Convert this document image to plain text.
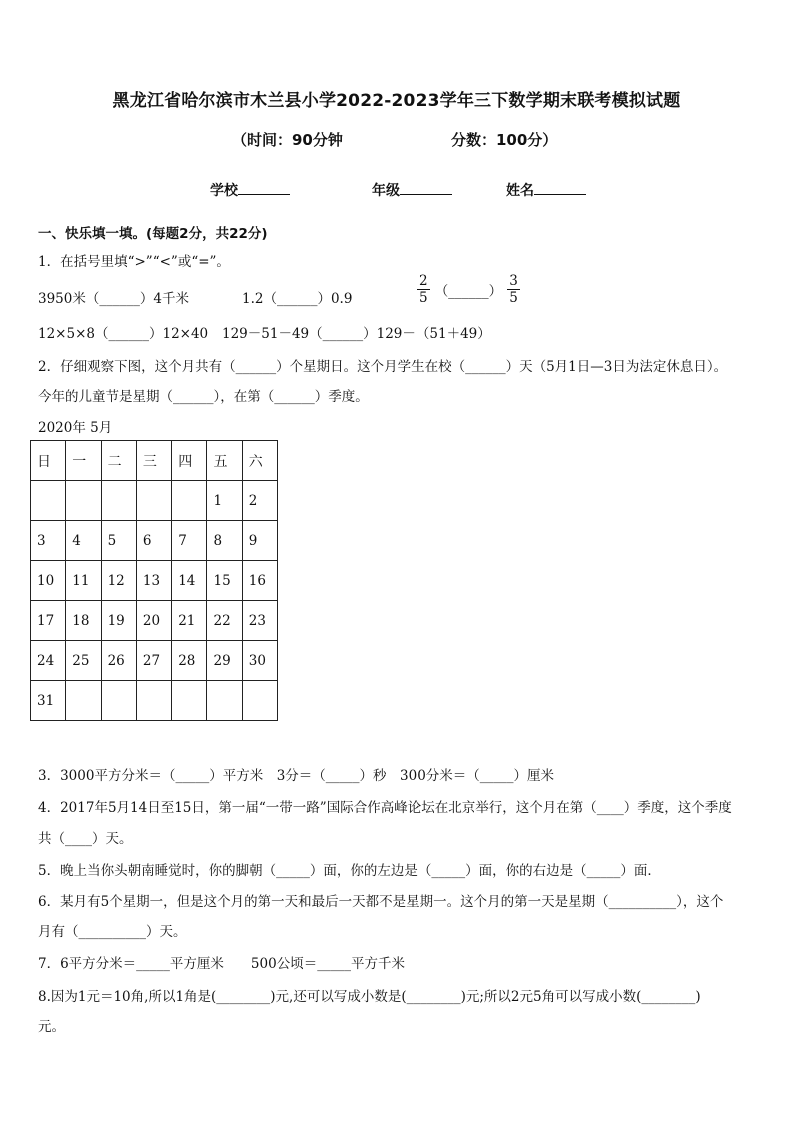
黑龙江省哈尔滨市木兰县小学2022-2023学年三下数学期末联考模拟试题
（时间：90分钟	分数：100分）
学校	年级	姓名
一、快乐填一填。(每题2分，共22分)
1．在括号里填“>”“<”或“=”。
3950米（______）4千米	1.2（______）0.9	$\frac{2}{5}$ （______） $\frac{3}{5}$
12×5×8（______）12×40 129－51－49（______）129－（51＋49）
2．仔细观察下图，这个月共有（______）个星期日。这个月学生在校（______）天（5月1日—3日为法定休息日）。
今年的儿童节是星期（______），在第（______）季度。
2020年 5月
日	一	二	三	四	五	六
					1	2
3	4	5	6	7	8	9
10	11	12	13	14	15	16
17	18	19	20	21	22	23
24	25	26	27	28	29	30
31						
3．3000平方分米＝（_____）平方米　3分＝（_____）秒　300分米＝（_____）厘米
4．2017年5月14日至15日，第一届“一带一路”国际合作高峰论坛在北京举行，这个月在第（____）季度，这个季度
共（____）天。
5．晚上当你头朝南睡觉时，你的脚朝（_____）面，你的左边是（_____）面，你的右边是（_____）面．
6．某月有5个星期一，但是这个月的第一天和最后一天都不是星期一。这个月的第一天是星期（__________），这个
月有（__________）天。
7．6平方分米＝_____平方厘米　　500公顷＝_____平方千米
8.因为1元＝10角,所以1角是(________)元,还可以写成小数是(________)元;所以2元5角可以写成小数(________)
元。
